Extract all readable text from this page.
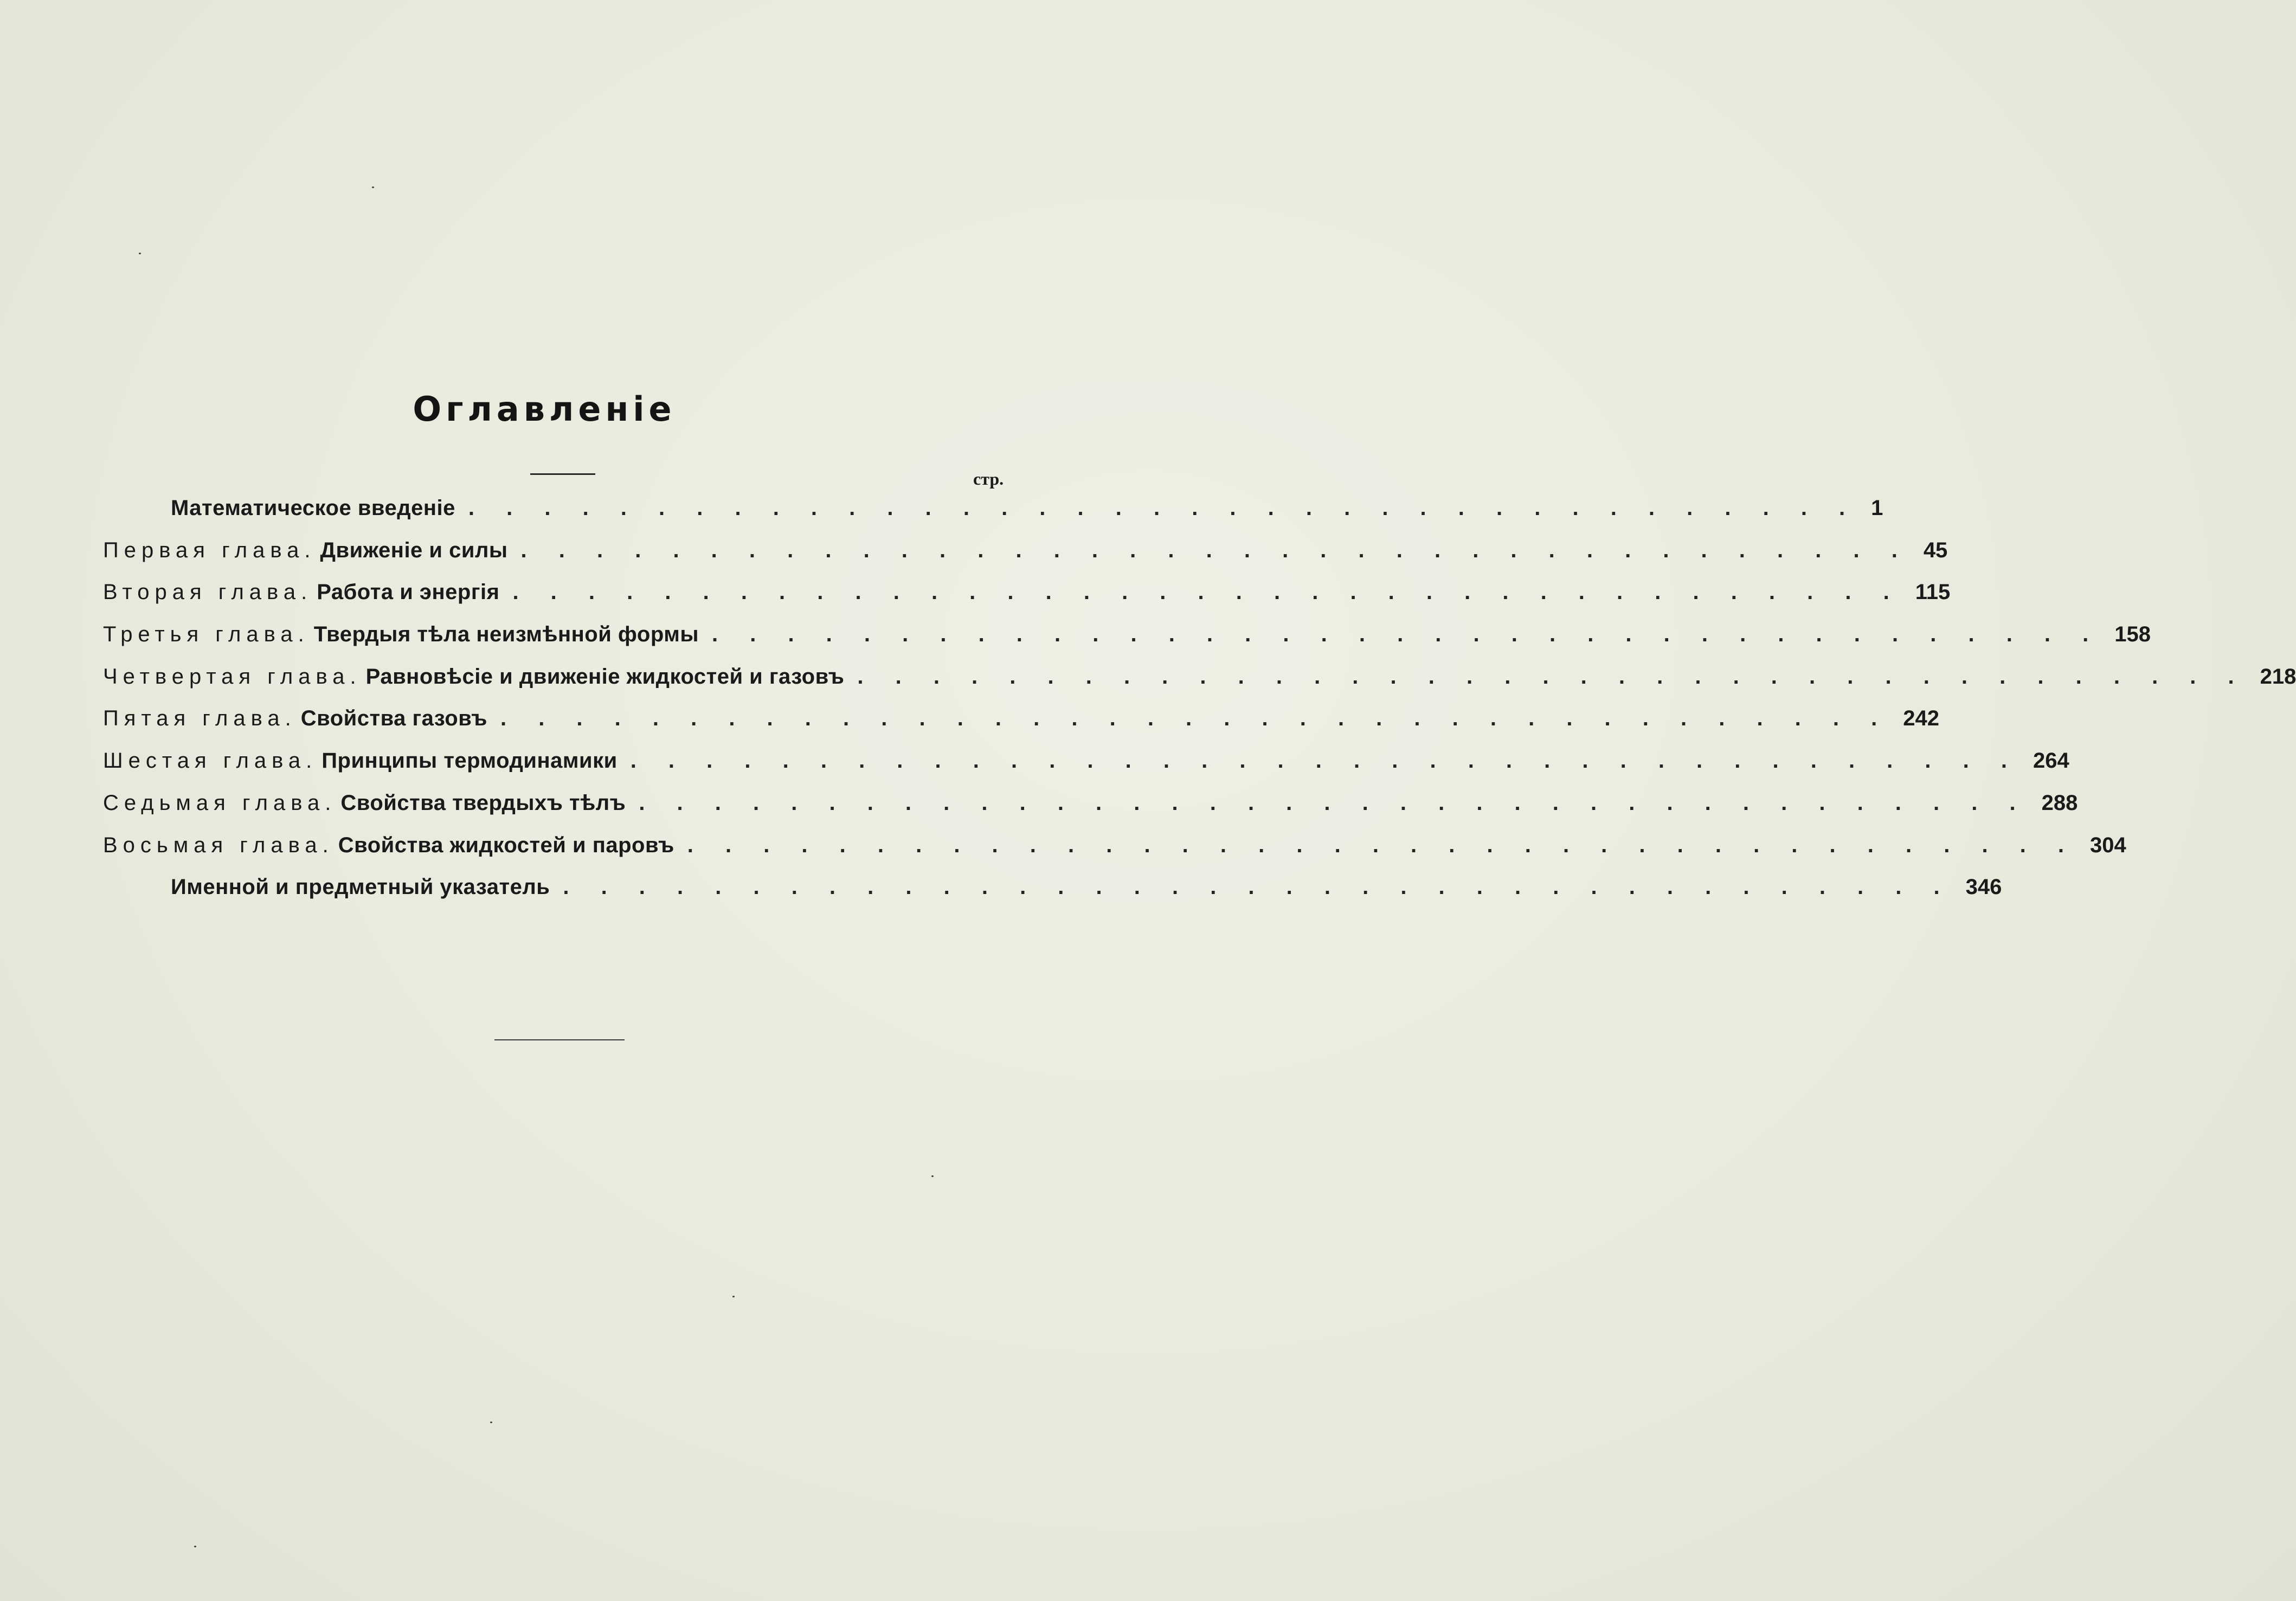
Оглавленiе
стр.
Математическое введенiе . . . . . . . . . . . . . . . . . . . . . . . . . . . . . . . . . . . . . 1
Первая глава. Движенiе и силы . . . . . . . . . . . . . . . . . . . . . . . . . . . . . . . . . . . . . 45
Вторая глава. Работа и энергiя . . . . . . . . . . . . . . . . . . . . . . . . . . . . . . . . . . . . . 115
Третья глава. Твердыя тѣла неизмѣнной формы . . . . . . . . . . . . . . . . . . . . . . . . . . . . . . . . . . . . . 158
Четвертая глава. Равновѣсiе и движенiе жидкостей и газовъ . . . . . . . . . . . . . . . . . . . . . . . . . . . . . . . . . . . . . 218
Пятая глава. Свойства газовъ . . . . . . . . . . . . . . . . . . . . . . . . . . . . . . . . . . . . . 242
Шестая глава. Принципы термодинамики . . . . . . . . . . . . . . . . . . . . . . . . . . . . . . . . . . . . . 264
Седьмая глава. Свойства твердыхъ тѣлъ . . . . . . . . . . . . . . . . . . . . . . . . . . . . . . . . . . . . . 288
Восьмая глава. Свойства жидкостей и паровъ . . . . . . . . . . . . . . . . . . . . . . . . . . . . . . . . . . . . . 304
Именной и предметный указатель . . . . . . . . . . . . . . . . . . . . . . . . . . . . . . . . . . . . . 346
